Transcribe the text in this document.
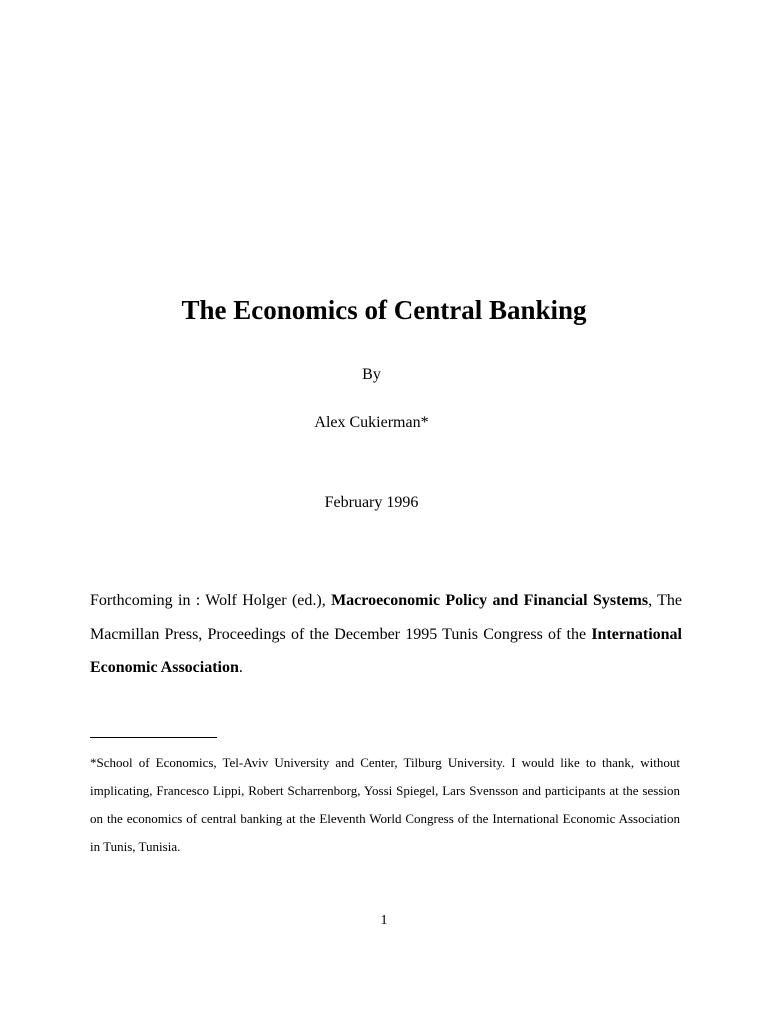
The Economics of Central Banking
By
Alex Cukierman*
February 1996

Forthcoming in : Wolf Holger (ed.), Macroeconomic Policy and Financial Systems, The Macmillan Press, Proceedings of the December 1995 Tunis Congress of the International Economic Association.

*School of Economics, Tel-Aviv University and Center, Tilburg University. I would like to thank, without implicating, Francesco Lippi, Robert Scharrenborg, Yossi Spiegel, Lars Svensson and participants at the session on the economics of central banking at the Eleventh World Congress of the International Economic Association in Tunis, Tunisia.

1
